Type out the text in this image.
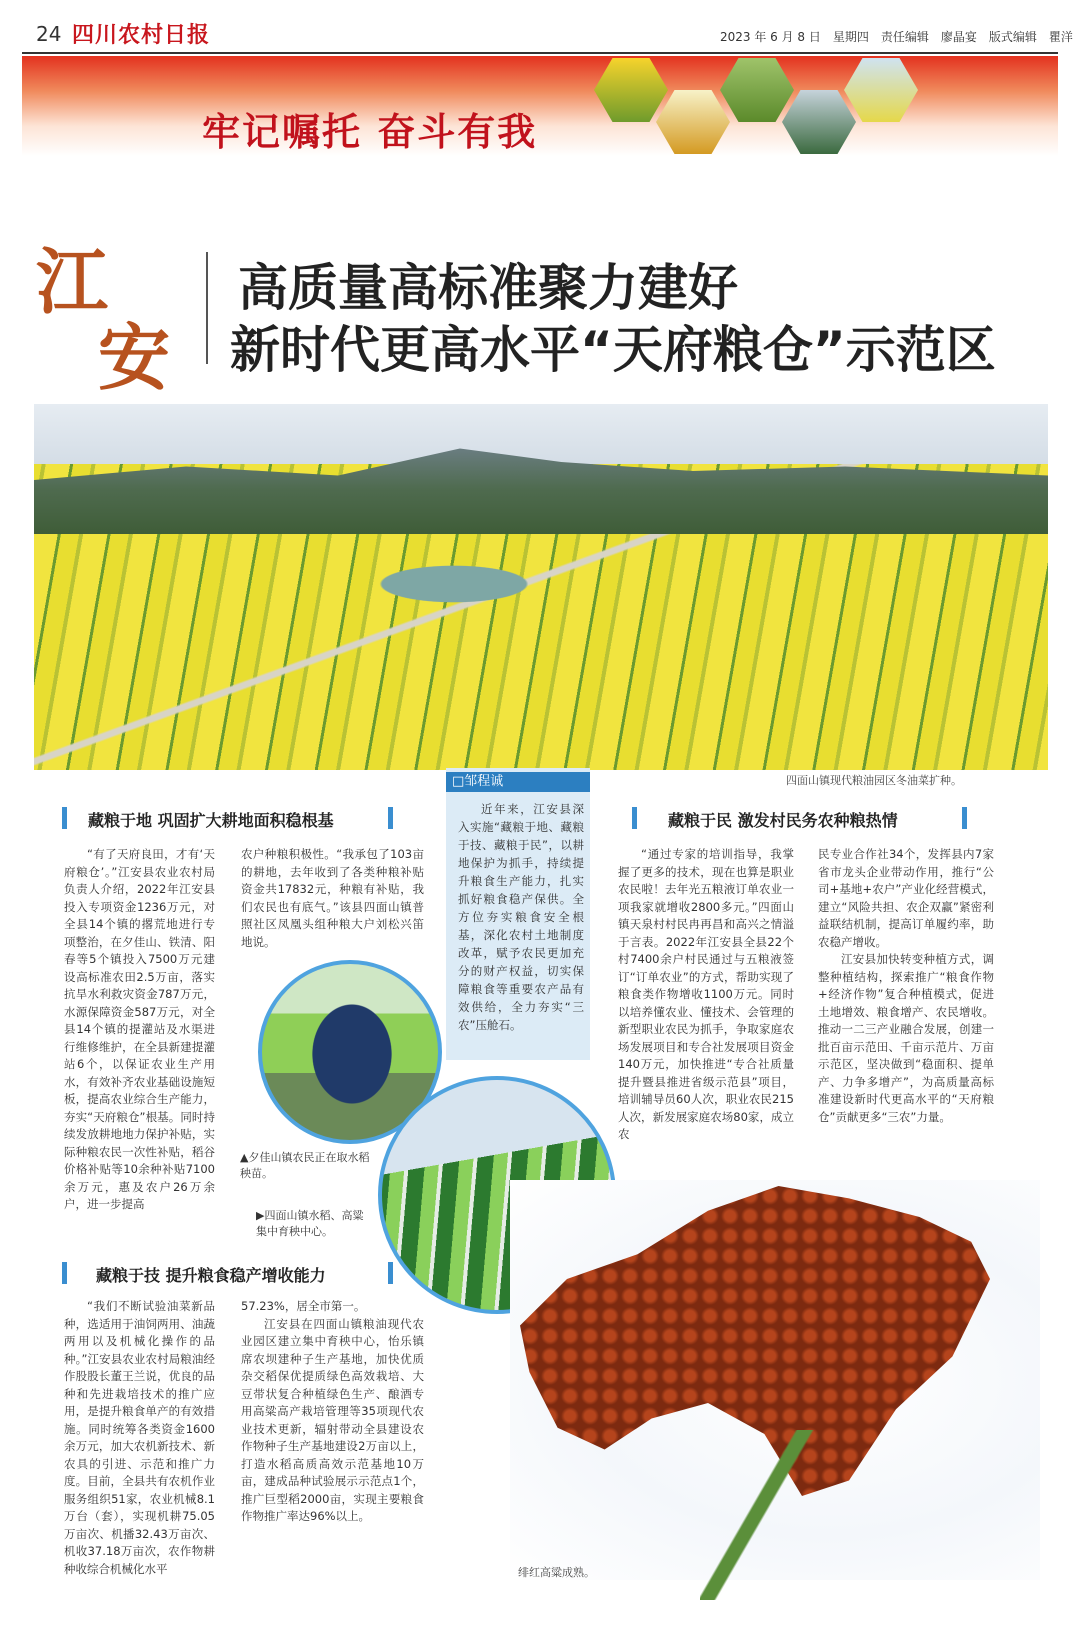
24 四川农村日报	2023 年 6 月 8 日　星期四　责任编辑　廖晶宴　版式编辑　瞿洋
牢记嘱托 奋斗有我
江
安
高质量高标准聚力建好
新时代更高水平“天府粮仓”示范区
四面山镇现代粮油园区冬油菜扩种。
□邹程诚
近年来，江安县深入实施“藏粮于地、藏粮于技、藏粮于民”，以耕地保护为抓手，持续提升粮食生产能力，扎实抓好粮食稳产保供。全方位夯实粮食安全根基，深化农村土地制度改革，赋予农民更加充分的财产权益，切实保障粮食等重要农产品有效供给，全力夯实“三农”压舱石。
藏粮于地 巩固扩大耕地面积稳根基

“有了天府良田，才有‘天府粮仓’。”江安县农业农村局负责人介绍，2022年江安县投入专项资金1236万元，对全县14个镇的撂荒地进行专项整治，在夕佳山、铁清、阳春等5个镇投入7500万元建设高标准农田2.5万亩，落实抗旱水利救灾资金787万元，水源保障资金587万元，对全县14个镇的提灌站及水渠进行维修维护，在全县新建提灌站6个，以保证农业生产用水，有效补齐农业基础设施短板，提高农业综合生产能力，夯实“天府粮仓”根基。同时持续发放耕地地力保护补贴，实际种粮农民一次性补贴，稻谷价格补贴等10余种补贴7100余万元，惠及农户26万余户，进一步提高

农户种粮积极性。“我承包了103亩的耕地，去年收到了各类种粮补贴资金共17832元，种粮有补贴，我们农民也有底气。”该县四面山镇普照社区凤凰头组种粮大户刘松兴笛地说。

▲夕佳山镇农民正在取水稻秧苗。
▶四面山镇水稻、高粱集中育秧中心。
藏粮于技 提升粮食稳产增收能力

“我们不断试验油菜新品种，选适用于油饲两用、油蔬两用以及机械化操作的品种。”江安县农业农村局粮油经作股股长董王兰说，优良的品种和先进栽培技术的推广应用，是提升粮食单产的有效措施。同时统筹各类资金1600余万元，加大农机新技术、新农具的引进、示范和推广力度。目前，全县共有农机作业服务组织51家，农业机械8.1万台（套），实现机耕75.05万亩次、机播32.43万亩次、机收37.18万亩次，农作物耕种收综合机械化水平

57.23%，居全市第一。

江安县在四面山镇粮油现代农业园区建立集中育秧中心，怡乐镇席农坝建种子生产基地，加快优质杂交稻保优提质绿色高效栽培、大豆带状复合种植绿色生产、酿酒专用高粱高产栽培管理等35项现代农业技术更新，辐射带动全县建设农作物种子生产基地建设2万亩以上，打造水稻高质高效示范基地10万亩，建成品种试验展示示范点1个，推广巨型稻2000亩，实现主要粮食作物推广率达96%以上。

藏粮于民 激发村民务农种粮热情

“通过专家的培训指导，我掌握了更多的技术，现在也算是职业农民啦！去年光五粮液订单农业一项我家就增收2800多元。”四面山镇天泉村村民冉再昌和高兴之情溢于言表。2022年江安县全县22个村7400余户村民通过与五粮液签订“订单农业”的方式，帮助实现了粮食类作物增收1100万元。同时以培养懂农业、懂技术、会管理的新型职业农民为抓手，争取家庭农场发展项目和专合社发展项目资金140万元，加快推进“专合社质量提升暨县推进省级示范县”项目，培训辅导员60人次，职业农民215人次，新发展家庭农场80家，成立农

民专业合作社34个，发挥县内7家省市龙头企业带动作用，推行“公司+基地+农户”产业化经营模式，建立“风险共担、农企双赢”紧密利益联结机制，提高订单履约率，助农稳产增收。

江安县加快转变种植方式，调整种植结构，探索推广“粮食作物+经济作物”复合种植模式，促进土地增效、粮食增产、农民增收。推动一二三产业融合发展，创建一批百亩示范田、千亩示范片、万亩示范区，坚决做到“稳面积、提单产、力争多增产”，为高质量高标准建设新时代更高水平的“天府粮仓”贡献更多“三农”力量。

绯红高粱成熟。
